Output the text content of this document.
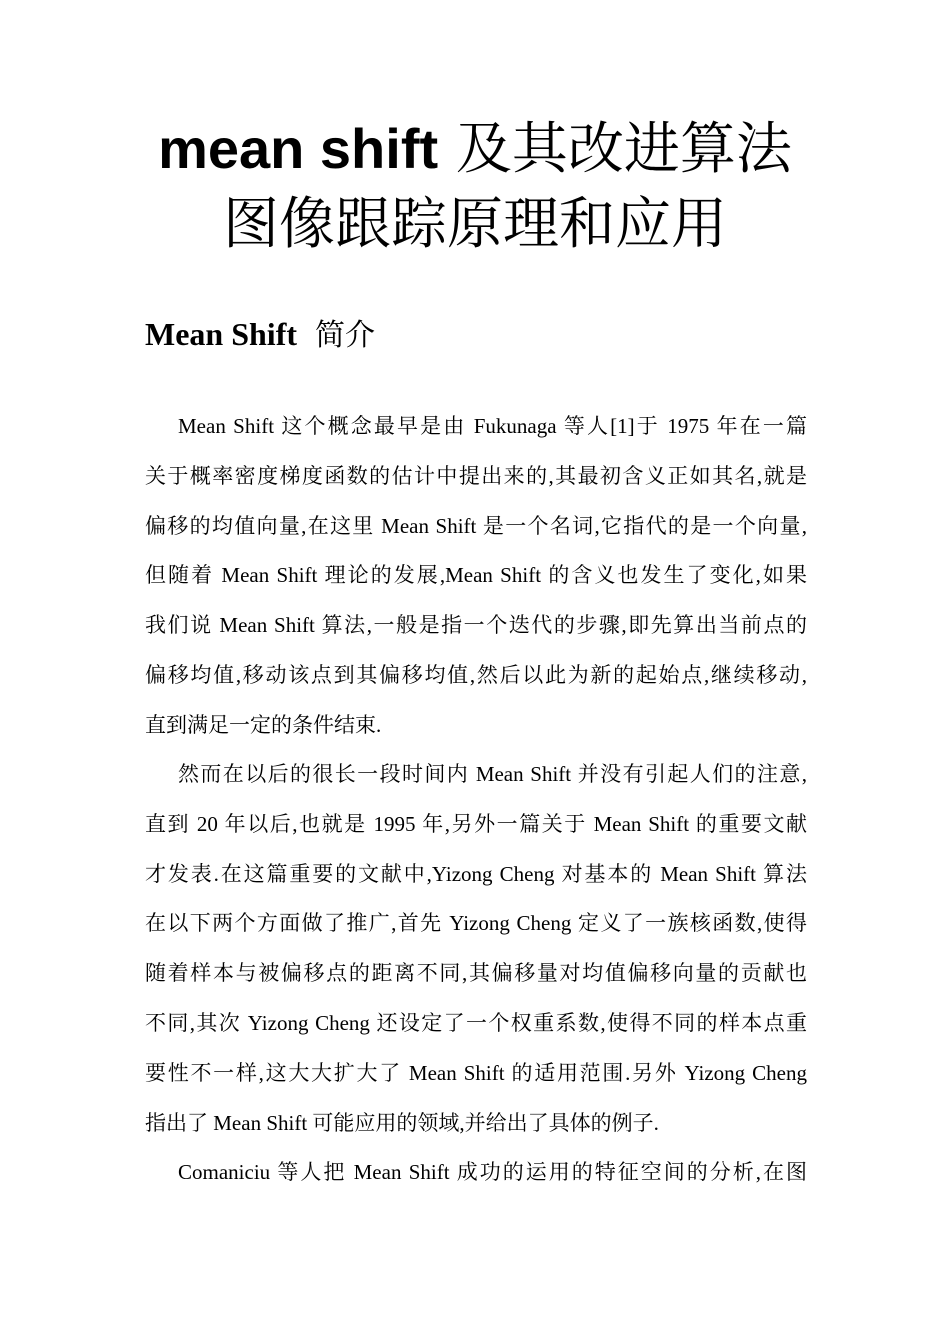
mean shift 及其改进算法
图像跟踪原理和应用
Mean Shift 简介
Mean Shift 这个概念最早是由 Fukunaga 等人[1]于 1975 年在一篇
关于概率密度梯度函数的估计中提出来的,其最初含义正如其名,就是
偏移的均值向量,在这里 Mean Shift 是一个名词,它指代的是一个向量,
但随着 Mean Shift 理论的发展,Mean Shift 的含义也发生了变化,如果
我们说 Mean Shift 算法,一般是指一个迭代的步骤,即先算出当前点的
偏移均值,移动该点到其偏移均值,然后以此为新的起始点,继续移动,
直到满足一定的条件结束.
然而在以后的很长一段时间内 Mean Shift 并没有引起人们的注意,
直到 20 年以后,也就是 1995 年,另外一篇关于 Mean Shift 的重要文献
才发表.在这篇重要的文献中,Yizong Cheng 对基本的 Mean Shift 算法
在以下两个方面做了推广,首先 Yizong Cheng 定义了一族核函数,使得
随着样本与被偏移点的距离不同,其偏移量对均值偏移向量的贡献也
不同,其次 Yizong Cheng 还设定了一个权重系数,使得不同的样本点重
要性不一样,这大大扩大了 Mean Shift 的适用范围.另外 Yizong Cheng
指出了 Mean Shift 可能应用的领域,并给出了具体的例子.
Comaniciu 等人把 Mean Shift 成功的运用的特征空间的分析,在图
